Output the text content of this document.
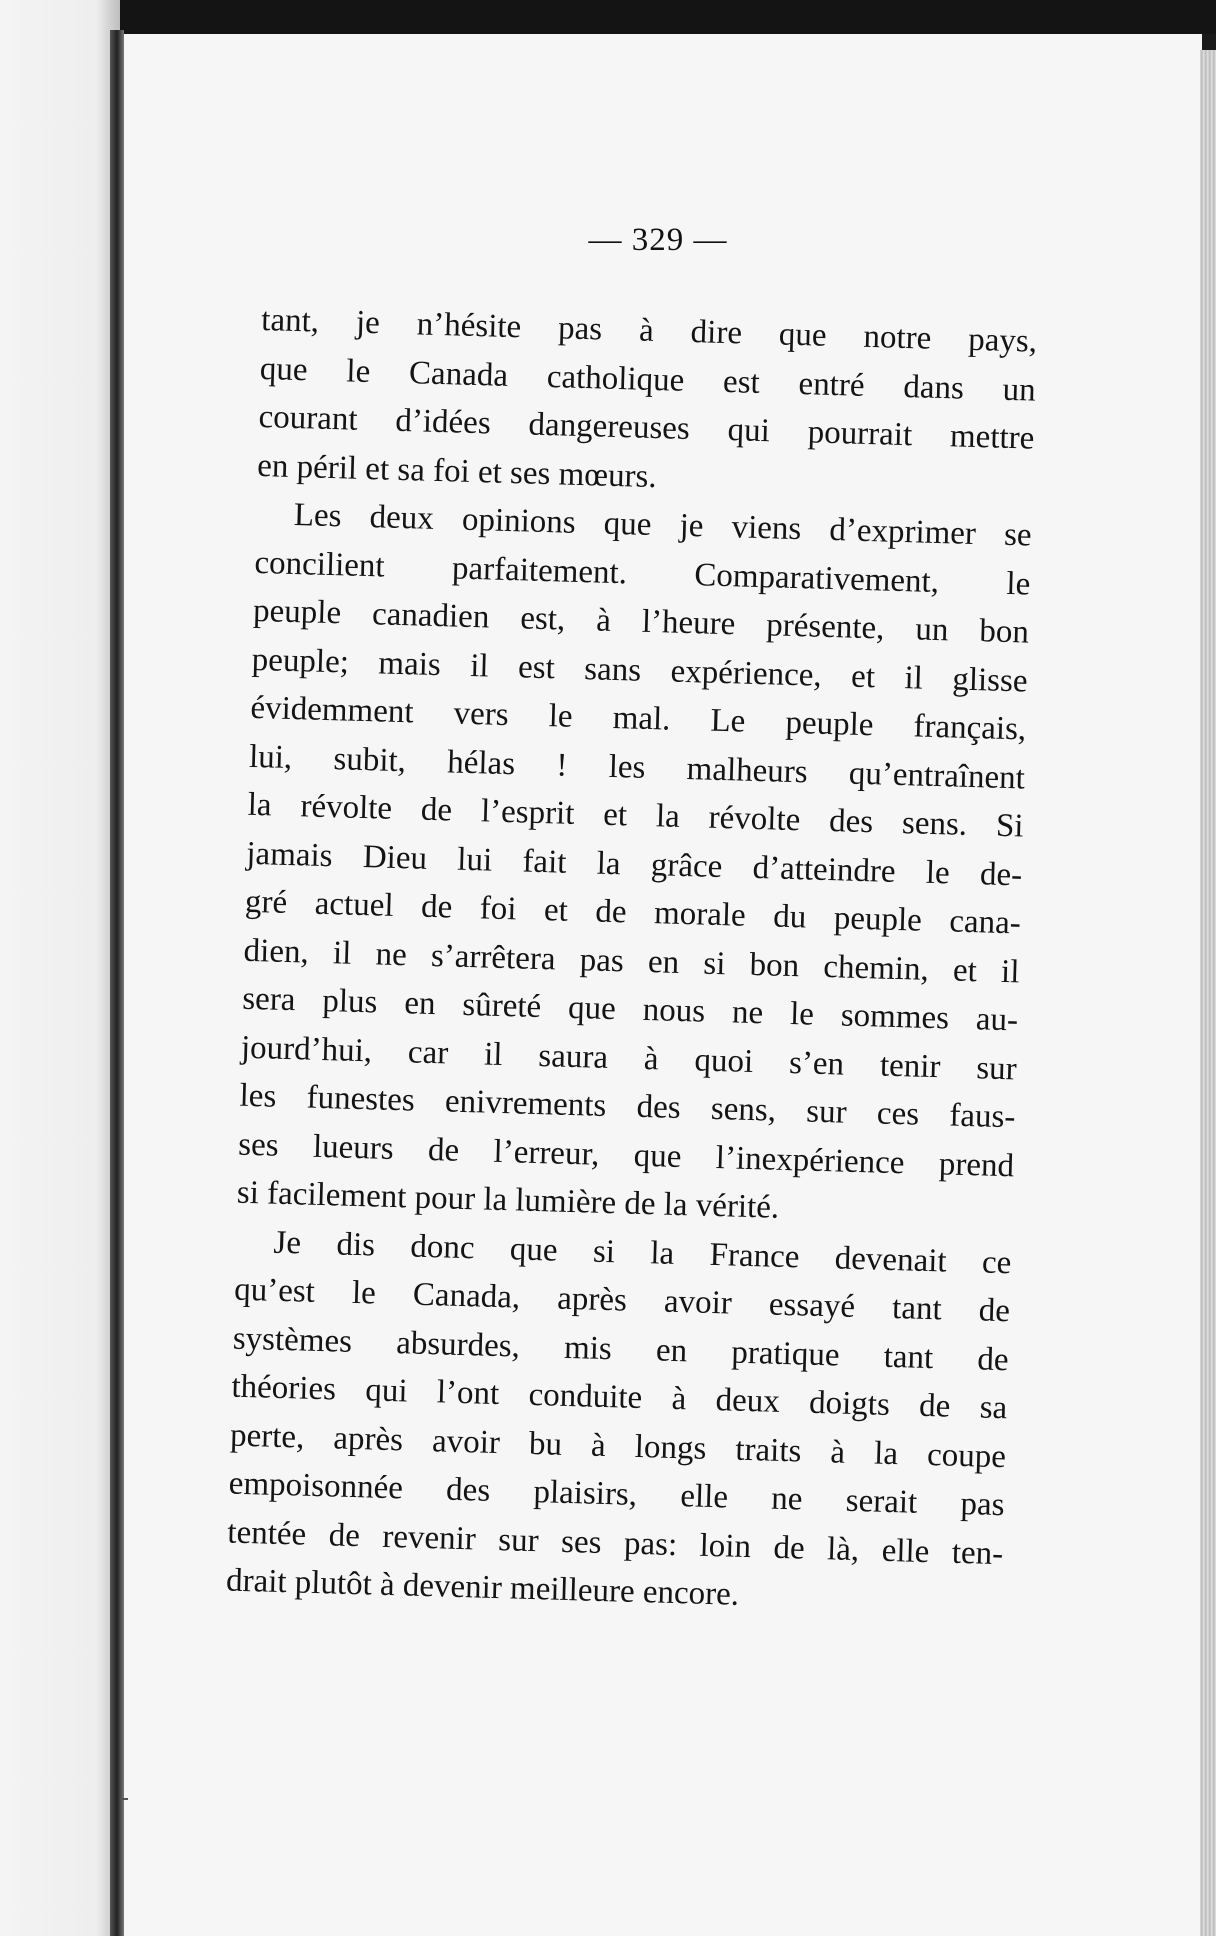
— 329 —
tant, je n’hésite pas à dire que notre pays,
que le Canada catholique est entré dans un
courant d’idées dangereuses qui pourrait mettre
en péril et sa foi et ses mœurs.
Les deux opinions que je viens d’exprimer se
concilient parfaitement. Comparativement, le
peuple canadien est, à l’heure présente, un bon
peuple; mais il est sans expérience, et il glisse
évidemment vers le mal. Le peuple français,
lui, subit, hélas ! les malheurs qu’entraînent
la révolte de l’esprit et la révolte des sens. Si
jamais Dieu lui fait la grâce d’atteindre le de-
gré actuel de foi et de morale du peuple cana-
dien, il ne s’arrêtera pas en si bon chemin, et il
sera plus en sûreté que nous ne le sommes au-
jourd’hui, car il saura à quoi s’en tenir sur
les funestes enivrements des sens, sur ces faus-
ses lueurs de l’erreur, que l’inexpérience prend
si facilement pour la lumière de la vérité.
Je dis donc que si la France devenait ce
qu’est le Canada, après avoir essayé tant de
systèmes absurdes, mis en pratique tant de
théories qui l’ont conduite à deux doigts de sa
perte, après avoir bu à longs traits à la coupe
empoisonnée des plaisirs, elle ne serait pas
tentée de revenir sur ses pas: loin de là, elle ten-
drait plutôt à devenir meilleure encore.
